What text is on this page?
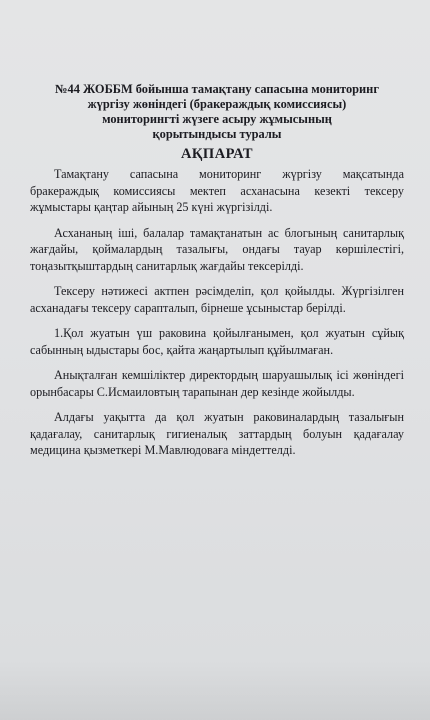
№44 ЖОББМ бойынша тамақтану сапасына мониторинг
жүргізу жөніндегі (бракераждық комиссиясы)
мониторингті жүзеге асыру жұмысының
қорытындысы туралы
АҚПАРАТ

Тамақтану сапасына мониторинг жүргізу мақсатында бракераждық комиссиясы мектеп асханасына кезекті тексеру жұмыстары қаңтар айының 25 күні жүргізілді.

Асхананың іші, балалар тамақтанатын ас блогының санитарлық жағдайы, қоймалардың тазалығы, ондағы тауар көршілестігі, тоңазытқыштардың санитарлық жағдайы тексерілді.

Тексеру нәтижесі актпен рәсімделіп, қол қойылды. Жүргізілген асханадағы тексеру сарапталып, бірнеше ұсыныстар берілді.

1.Қол жуатын үш раковина қойылғанымен, қол жуатын сұйық сабынның ыдыстары бос, қайта жаңартылып құйылмаған.

Анықталған кемшіліктер директордың шаруашылық ісі жөніндегі орынбасары С.Исмаиловтың тарапынан дер кезінде жойылды.

Алдағы уақытта да қол жуатын раковиналардың тазалығын қадағалау, санитарлық гигиеналық заттардың болуын қадағалау медицина қызметкері М.Мавлюдоваға міндеттелді.
